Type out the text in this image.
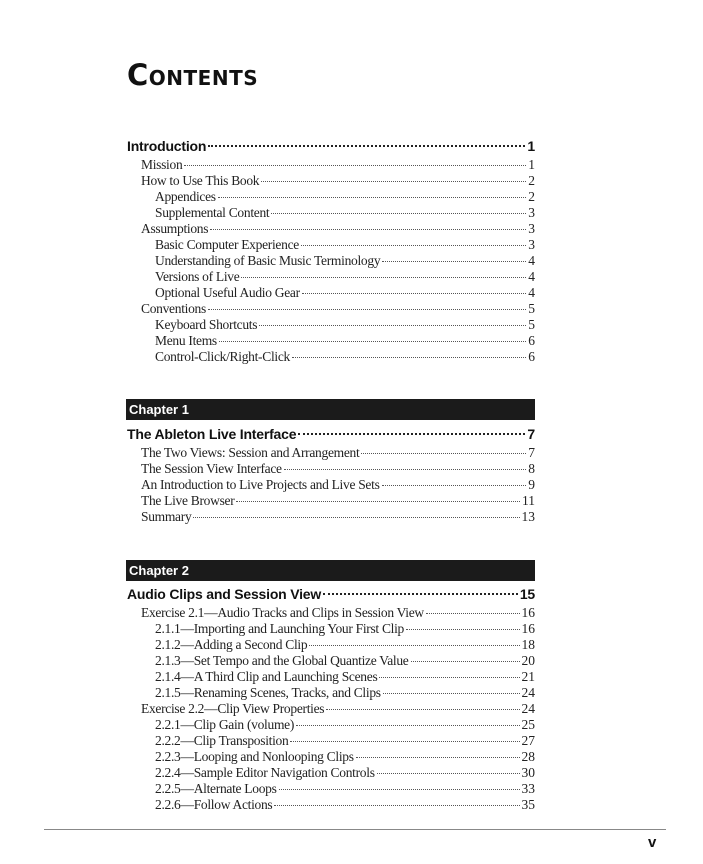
Contents
Introduction	1
Mission	1
How to Use This Book	2
Appendices	2
Supplemental Content	3
Assumptions	3
Basic Computer Experience	3
Understanding of Basic Music Terminology	4
Versions of Live	4
Optional Useful Audio Gear	4
Conventions	5
Keyboard Shortcuts	5
Menu Items	6
Control-Click/Right-Click	6
Chapter 1
The Ableton Live Interface	7
The Two Views: Session and Arrangement	7
The Session View Interface	8
An Introduction to Live Projects and Live Sets	9
The Live Browser	11
Summary	13
Chapter 2
Audio Clips and Session View	15
Exercise 2.1—Audio Tracks and Clips in Session View	16
2.1.1—Importing and Launching Your First Clip	16
2.1.2—Adding a Second Clip	18
2.1.3—Set Tempo and the Global Quantize Value	20
2.1.4—A Third Clip and Launching Scenes	21
2.1.5—Renaming Scenes, Tracks, and Clips	24
Exercise 2.2—Clip View Properties	24
2.2.1—Clip Gain (volume)	25
2.2.2—Clip Transposition	27
2.2.3—Looping and Nonlooping Clips	28
2.2.4—Sample Editor Navigation Controls	30
2.2.5—Alternate Loops	33
2.2.6—Follow Actions	35
v
